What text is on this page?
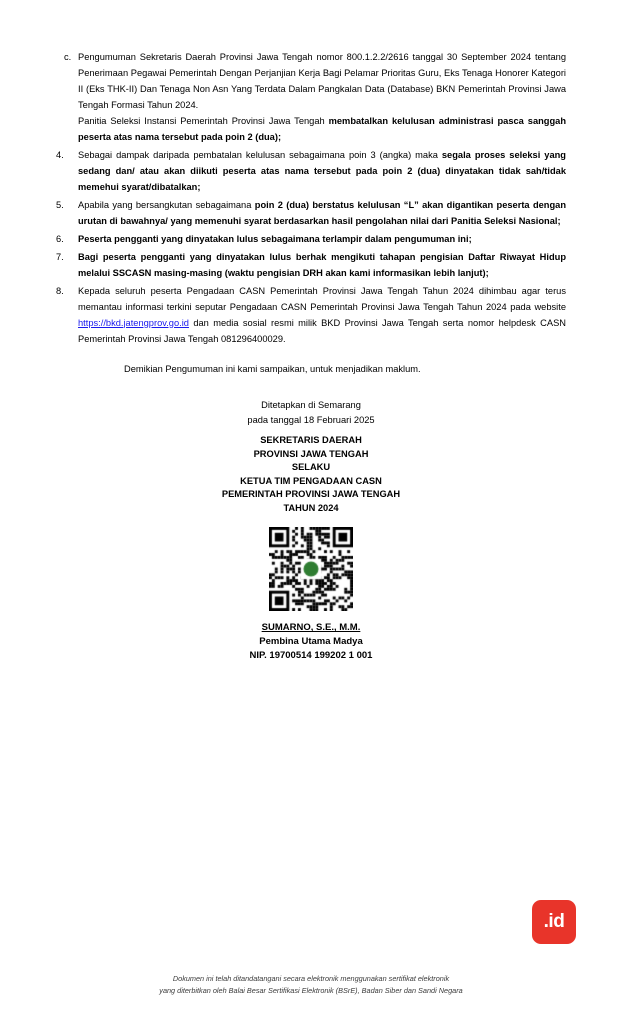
c. Pengumuman Sekretaris Daerah Provinsi Jawa Tengah nomor 800.1.2.2/2616 tanggal 30 September 2024 tentang Penerimaan Pegawai Pemerintah Dengan Perjanjian Kerja Bagi Pelamar Prioritas Guru, Eks Tenaga Honorer Kategori II (Eks THK-II) Dan Tenaga Non Asn Yang Terdata Dalam Pangkalan Data (Database) BKN Pemerintah Provinsi Jawa Tengah Formasi Tahun 2024.
Panitia Seleksi Instansi Pemerintah Provinsi Jawa Tengah membatalkan kelulusan administrasi pasca sanggah peserta atas nama tersebut pada poin 2 (dua);
4.	Sebagai dampak daripada pembatalan kelulusan sebagaimana poin 3 (angka) maka segala proses seleksi yang sedang dan/ atau akan diikuti peserta atas nama tersebut pada poin 2 (dua) dinyatakan tidak sah/tidak memehui syarat/dibatalkan;
5.	Apabila yang bersangkutan sebagaimana poin 2 (dua) berstatus kelulusan “L” akan digantikan peserta dengan urutan di bawahnya/ yang memenuhi syarat berdasarkan hasil pengolahan nilai dari Panitia Seleksi Nasional;
6.	Peserta pengganti yang dinyatakan lulus sebagaimana terlampir dalam pengumuman ini;
7.	Bagi peserta pengganti yang dinyatakan lulus berhak mengikuti tahapan pengisian Daftar Riwayat Hidup melalui SSCASN masing-masing (waktu pengisian DRH akan kami informasikan lebih lanjut);
8.	Kepada seluruh peserta Pengadaan CASN Pemerintah Provinsi Jawa Tengah Tahun 2024 dihimbau agar terus memantau informasi terkini seputar Pengadaan CASN Pemerintah Provinsi Jawa Tengah Tahun 2024 pada website https://bkd.jatengprov.go.id dan media sosial resmi milik BKD Provinsi Jawa Tengah serta nomor helpdesk CASN Pemerintah Provinsi Jawa Tengah 081296400029.
Demikian Pengumuman ini kami sampaikan, untuk menjadikan maklum.
Ditetapkan di Semarang
pada tanggal 18 Februari 2025
SEKRETARIS DAERAH
PROVINSI JAWA TENGAH
SELAKU
KETUA TIM PENGADAAN CASN
PEMERINTAH PROVINSI JAWA TENGAH
TAHUN 2024
SUMARNO, S.E., M.M.
Pembina Utama Madya
NIP. 19700514 199202 1 001
.id
Dokumen ini telah ditandatangani secara elektronik menggunakan sertifikat elektronik
yang diterbitkan oleh Balai Besar Sertifikasi Elektronik (BSrE), Badan Siber dan Sandi Negara
